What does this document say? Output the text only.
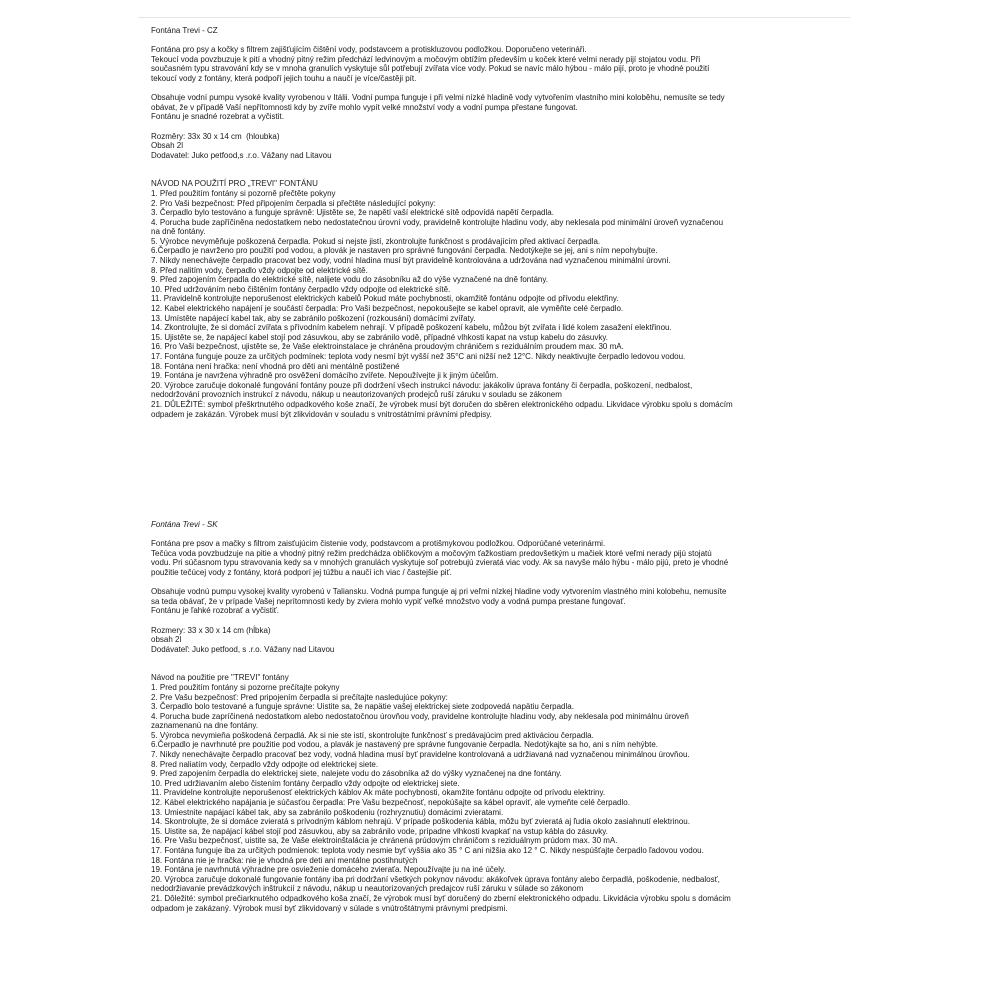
Fontána Trevi - CZ
Fontána pro psy a kočky s filtrem zajišťujícím čištění vody, podstavcem a protiskluzovou podložkou. Doporučeno veterináři.
Tekoucí voda povzbuzuje k pití a vhodný pitný režim předchází ledvinovým a močovým obtížím především u koček které velmi nerady pijí stojatou vodu. Při
současném typu stravování kdy se v mnoha granulích vyskytuje sůl potřebují zvířata více vody. Pokud se navíc málo hýbou - málo pijí, proto je vhodné použití
tekoucí vody z fontány, která podpoří jejich touhu a naučí je více/častěji pít.
Obsahuje vodní pumpu vysoké kvality vyrobenou v Itálii. Vodní pumpa funguje i při velmi nízké hladině vody vytvořením vlastního mini koloběhu, nemusíte se tedy
obávat, že v případě Vaší nepřítomnosti kdy by zvíře mohlo vypít velké množství vody a vodní pumpa přestane fungovat.
Fontánu je snadné rozebrat a vyčistit.
Rozměry: 33x 30 x 14 cm  (hloubka)
Obsah 2l
Dodavatel: Juko petfood,s .r.o. Vážany nad Litavou
NÁVOD NA POUŽITÍ PRO „TREVI" FONTÁNU
1. Před použitím fontány si pozorně přečtěte pokyny
2. Pro Vaši bezpečnost: Před připojením čerpadla si přečtěte následující pokyny:
3. Čerpadlo bylo testováno a funguje správně: Ujistěte se, že napětí vaší elektrické sítě odpovídá napětí čerpadla.
4. Porucha bude zapříčiněna nedostatkem nebo nedostatečnou úrovní vody, pravidelně kontrolujte hladinu vody, aby neklesala pod minimální úroveň vyznačenou
na dně fontány.
5. Výrobce nevyměňuje poškozená čerpadla. Pokud si nejste jistí, zkontrolujte funkčnost s prodávajícím před aktivací čerpadla.
6.Čerpadlo je navrženo pro použití pod vodou, a plovák je nastaven pro správné fungování čerpadla. Nedotýkejte se jej, ani s ním nepohybujte.
7. Nikdy nenechávejte čerpadlo pracovat bez vody, vodní hladina musí být pravidelně kontrolována a udržována nad vyznačenou minimální úrovní.
8. Před nalitím vody, čerpadlo vždy odpojte od elektrické sítě.
9. Před zapojením čerpadla do elektrické sítě, nalijete vodu do zásobníku až do výše vyznačené na dně fontány.
10. Před udržováním nebo čištěním fontány čerpadlo vždy odpojte od elektrické sítě.
11. Pravidelně kontrolujte neporušenost elektrických kabelů Pokud máte pochybnosti, okamžitě fontánu odpojte od přívodu elektřiny.
12. Kabel elektrického napájení je součástí čerpadla: Pro Vaši bezpečnost, nepokoušejte se kabel opravit, ale vyměňte celé čerpadlo.
13. Umístěte napájecí kabel tak, aby se zabránilo poškození (rozkousání) domácími zvířaty.
14. Zkontrolujte, že si domácí zvířata s přívodním kabelem nehrají. V případě poškození kabelu, můžou být zvířata i lidé kolem zasažení elektřinou.
15. Ujistěte se, že napájecí kabel stojí pod zásuvkou, aby se zabránilo vodě, případné vlhkosti kapat na vstup kabelu do zásuvky.
16. Pro Vaši bezpečnost, ujistěte se, že Vaše elektroinstalace je chráněna proudovým chráničem s reziduálním proudem max. 30 mA.
17. Fontána funguje pouze za určitých podmínek: teplota vody nesmí být vyšší než 35°C ani nižší než 12°C. Nikdy neaktivujte čerpadlo ledovou vodou.
18. Fontána není hračka: není vhodná pro děti ani mentálně postižené
19. Fontána je navržena výhradně pro osvěžení domácího zvířete. Nepoužívejte ji k jiným účelům.
20. Výrobce zaručuje dokonalé fungování fontány pouze při dodržení všech instrukcí návodu: jakákoliv úprava fontány či čerpadla, poškození, nedbalost,
nedodržování provozních instrukcí z návodu, nákup u neautorizovaných prodejců ruší záruku v souladu se zákonem
21. DŮLEŽITÉ: symbol přeškrtnutého odpadkového koše značí, že výrobek musí být doručen do sběren elektronického odpadu. Likvidace výrobku spolu s domácím
odpadem je zakázán. Výrobek musí být zlikvidován v souladu s vnitrostátními právními předpisy.
Fontána Trevi - SK
Fontána pre psov a mačky s filtrom zaisťujúcim čistenie vody, podstavcom a protišmykovou podložkou. Odporúčané veterinármi.
Tečúca voda povzbudzuje na pitie a vhodný pitný režim predchádza obličkovým a močovým ťažkostiam predovšetkým u mačiek ktoré veľmi nerady pijú stojatú
vodu. Pri súčasnom typu stravovania kedy sa v mnohých granulách vyskytuje soľ potrebujú zvieratá viac vody. Ak sa navyše málo hýbu - málo pijú, preto je vhodné
použitie tečúcej vody z fontány, ktorá podporí jej túžbu a naučí ich viac / častejšie piť.
Obsahuje vodnú pumpu vysokej kvality vyrobenú v Taliansku. Vodná pumpa funguje aj pri veľmi nízkej hladine vody vytvorením vlastného mini kolobehu, nemusíte
sa teda obávať, že v prípade Vašej neprítomnosti kedy by zviera mohlo vypiť veľké množstvo vody a vodná pumpa prestane fungovať.
Fontánu je ľahké rozobrať a vyčistiť.
Rozmery: 33 x 30 x 14 cm (hĺbka)
obsah 2l
Dodávateľ: Juko petfood, s .r.o. Vážany nad Litavou
Návod na použitie pre "TREVI" fontány
1. Pred použitím fontány si pozorne prečítajte pokyny
2. Pre Vašu bezpečnosť: Pred pripojením čerpadla si prečítajte nasledujúce pokyny:
3. Čerpadlo bolo testované a funguje správne: Uistite sa, že napätie vašej elektrickej siete zodpovedá napätiu čerpadla.
4. Porucha bude zapríčinená nedostatkom alebo nedostatočnou úrovňou vody, pravidelne kontrolujte hladinu vody, aby neklesala pod minimálnu úroveň
zaznamenanú na dne fontány.
5. Výrobca nevymieňa poškodená čerpadlá. Ak si nie ste istí, skontrolujte funkčnosť s predávajúcim pred aktiváciou čerpadla.
6.Čerpadlo je navrhnuté pre použitie pod vodou, a plavák je nastavený pre správne fungovanie čerpadla. Nedotýkajte sa ho, ani s ním nehýbte.
7. Nikdy nenechávajte čerpadlo pracovať bez vody, vodná hladina musí byť pravidelne kontrolovaná a udržiavaná nad vyznačenou minimálnou úrovňou.
8. Pred naliatím vody, čerpadlo vždy odpojte od elektrickej siete.
9. Pred zapojením čerpadla do elektrickej siete, nalejete vodu do zásobníka až do výšky vyznačenej na dne fontány.
10. Pred udržiavaním alebo čistením fontány čerpadlo vždy odpojte od elektrickej siete.
11. Pravidelne kontrolujte neporušenosť elektrických káblov Ak máte pochybnosti, okamžite fontánu odpojte od prívodu elektriny.
12. Kábel elektrického napájania je súčasťou čerpadla: Pre Vašu bezpečnosť, nepokúšajte sa kábel opraviť, ale vymeňte celé čerpadlo.
13. Umiestnite napájací kábel tak, aby sa zabránilo poškodeniu (rozhryznutiu) domácimi zvieratami.
14. Skontrolujte, že si domáce zvieratá s prívodným káblom nehrajú. V prípade poškodenia kábla, môžu byť zvieratá aj ľudia okolo zasiahnutí elektrinou.
15. Uistite sa, že napájací kábel stojí pod zásuvkou, aby sa zabránilo vode, prípadne vlhkosti kvapkať na vstup kábla do zásuvky.
16. Pre Vašu bezpečnosť, uistite sa, že Vaše elektroinštalácia je chránená prúdovým chráničom s reziduálnym prúdom max. 30 mA.
17. Fontána funguje iba za určitých podmienok: teplota vody nesmie byť vyššia ako 35 ° C ani nižšia ako 12 ° C. Nikdy nespúšťajte čerpadlo ľadovou vodou.
18. Fontána nie je hračka: nie je vhodná pre deti ani mentálne postihnutých
19. Fontána je navrhnutá výhradne pre osvieženie domáceho zvieraťa. Nepoužívajte ju na iné účely.
20. Výrobca zaručuje dokonalé fungovanie fontány iba pri dodržaní všetkých pokynov návodu: akákoľvek úprava fontány alebo čerpadlá, poškodenie, nedbalosť,
nedodržiavanie prevádzkových inštrukcií z návodu, nákup u neautorizovaných predajcov ruší záruku v súlade so zákonom
21. Dôležité: symbol prečiarknutého odpadkového koša značí, že výrobok musí byť doručený do zberní elektronického odpadu. Likvidácia výrobku spolu s domácim
odpadom je zakázaný. Výrobok musí byť zlikvidovaný v súlade s vnútroštátnymi právnymi predpismi.
